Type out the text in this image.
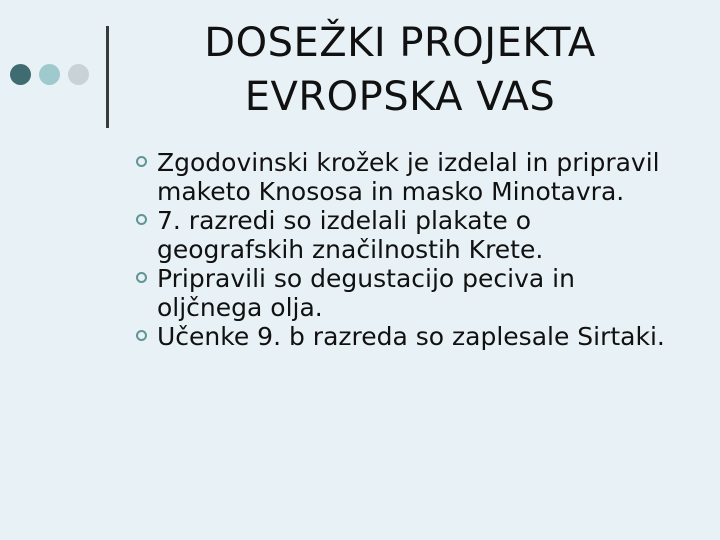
DOSEŽKI PROJEKTA
EVROPSKA VAS
Zgodovinski krožek je izdelal in pripravil maketo Knososa in masko Minotavra.
7. razredi so izdelali plakate o geografskih značilnostih Krete.
Pripravili so degustacijo peciva in oljčnega olja.
Učenke 9. b razreda so zaplesale Sirtaki.
